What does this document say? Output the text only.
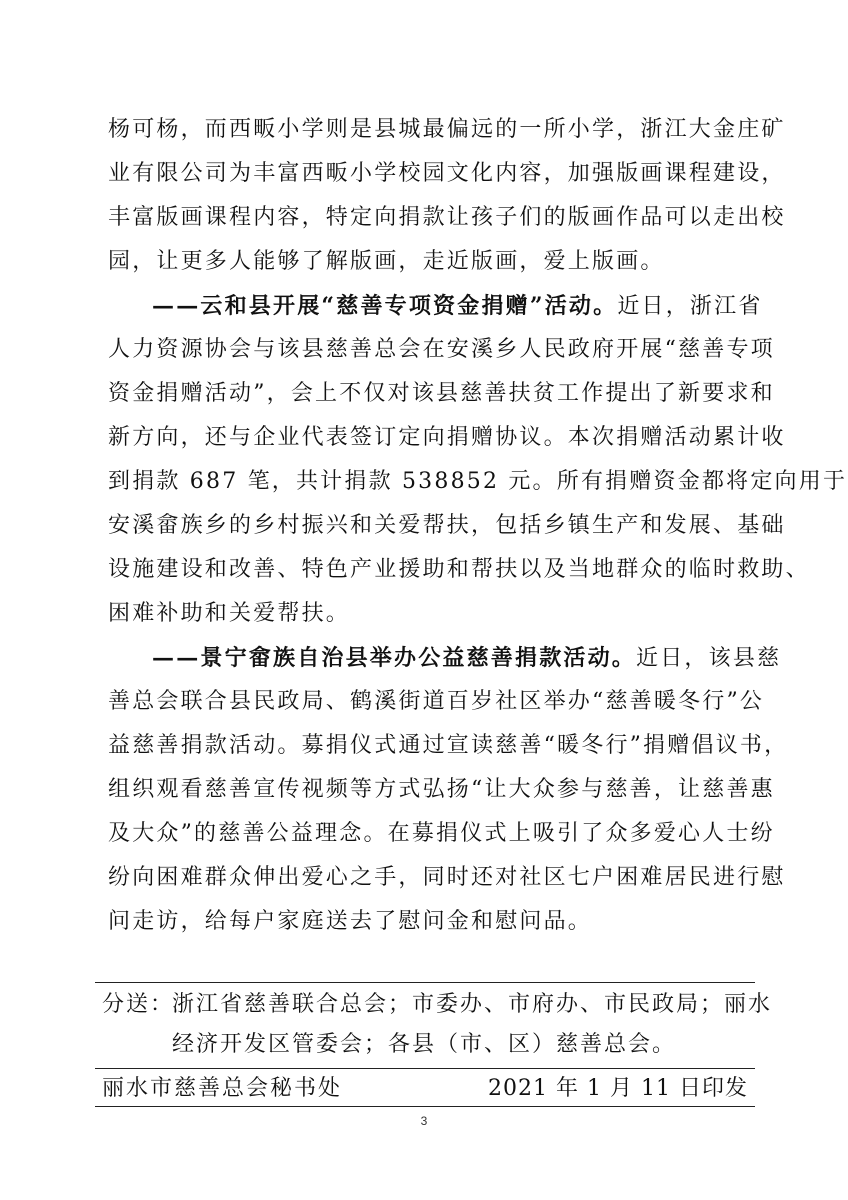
杨可杨，而西畈小学则是县城最偏远的一所小学，浙江大金庄矿
业有限公司为丰富西畈小学校园文化内容，加强版画课程建设，
丰富版画课程内容，特定向捐款让孩子们的版画作品可以走出校
园，让更多人能够了解版画，走近版画，爱上版画。
——云和县开展“慈善专项资金捐赠”活动。近日，浙江省
人力资源协会与该县慈善总会在安溪乡人民政府开展“慈善专项
资金捐赠活动”，会上不仅对该县慈善扶贫工作提出了新要求和
新方向，还与企业代表签订定向捐赠协议。本次捐赠活动累计收
到捐款 687 笔，共计捐款 538852 元。所有捐赠资金都将定向用于
安溪畲族乡的乡村振兴和关爱帮扶，包括乡镇生产和发展、基础
设施建设和改善、特色产业援助和帮扶以及当地群众的临时救助、
困难补助和关爱帮扶。
——景宁畲族自治县举办公益慈善捐款活动。近日，该县慈
善总会联合县民政局、鹤溪街道百岁社区举办“慈善暖冬行”公
益慈善捐款活动。募捐仪式通过宣读慈善“暖冬行”捐赠倡议书，
组织观看慈善宣传视频等方式弘扬“让大众参与慈善，让慈善惠
及大众”的慈善公益理念。在募捐仪式上吸引了众多爱心人士纷
纷向困难群众伸出爱心之手，同时还对社区七户困难居民进行慰
问走访，给每户家庭送去了慰问金和慰问品。
分送：
浙江省慈善联合总会；市委办、市府办、市民政局；丽水
经济开发区管委会；各县（市、区）慈善总会。
丽水市慈善总会秘书处	2021 年 1 月 11 日印发
3
